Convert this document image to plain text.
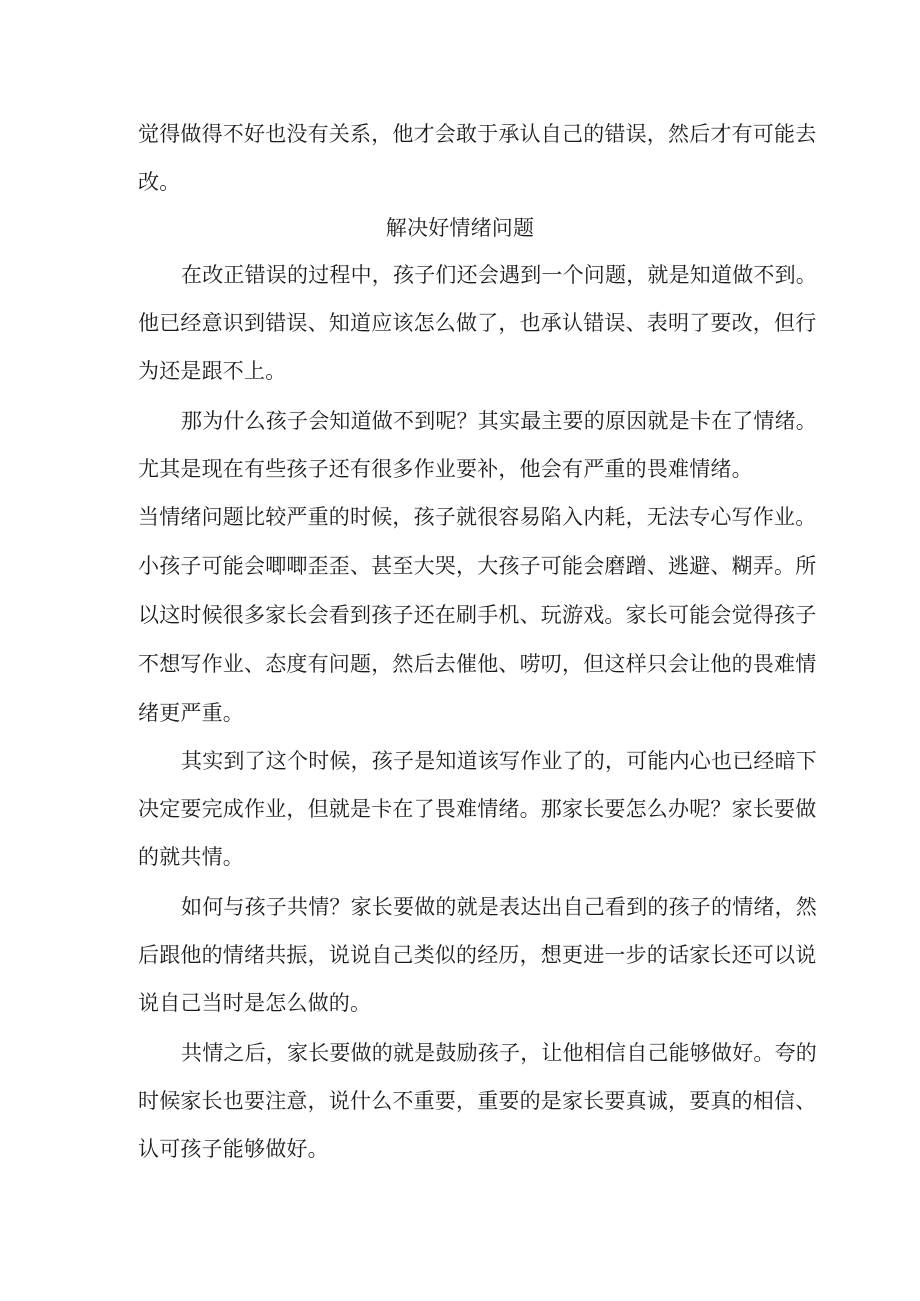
觉得做得不好也没有关系，他才会敢于承认自己的错误，然后才有可能去
改。
解决好情绪问题
在改正错误的过程中，孩子们还会遇到一个问题，就是知道做不到。
他已经意识到错误、知道应该怎么做了，也承认错误、表明了要改，但行
为还是跟不上。
那为什么孩子会知道做不到呢？其实最主要的原因就是卡在了情绪。
尤其是现在有些孩子还有很多作业要补，他会有严重的畏难情绪。
当情绪问题比较严重的时候，孩子就很容易陷入内耗，无法专心写作业。
小孩子可能会唧唧歪歪、甚至大哭，大孩子可能会磨蹭、逃避、糊弄。所
以这时候很多家长会看到孩子还在刷手机、玩游戏。家长可能会觉得孩子
不想写作业、态度有问题，然后去催他、唠叨，但这样只会让他的畏难情
绪更严重。
其实到了这个时候，孩子是知道该写作业了的，可能内心也已经暗下
决定要完成作业，但就是卡在了畏难情绪。那家长要怎么办呢？家长要做
的就共情。
如何与孩子共情？家长要做的就是表达出自己看到的孩子的情绪，然
后跟他的情绪共振，说说自己类似的经历，想更进一步的话家长还可以说
说自己当时是怎么做的。
共情之后，家长要做的就是鼓励孩子，让他相信自己能够做好。夸的
时候家长也要注意，说什么不重要，重要的是家长要真诚，要真的相信、
认可孩子能够做好。
